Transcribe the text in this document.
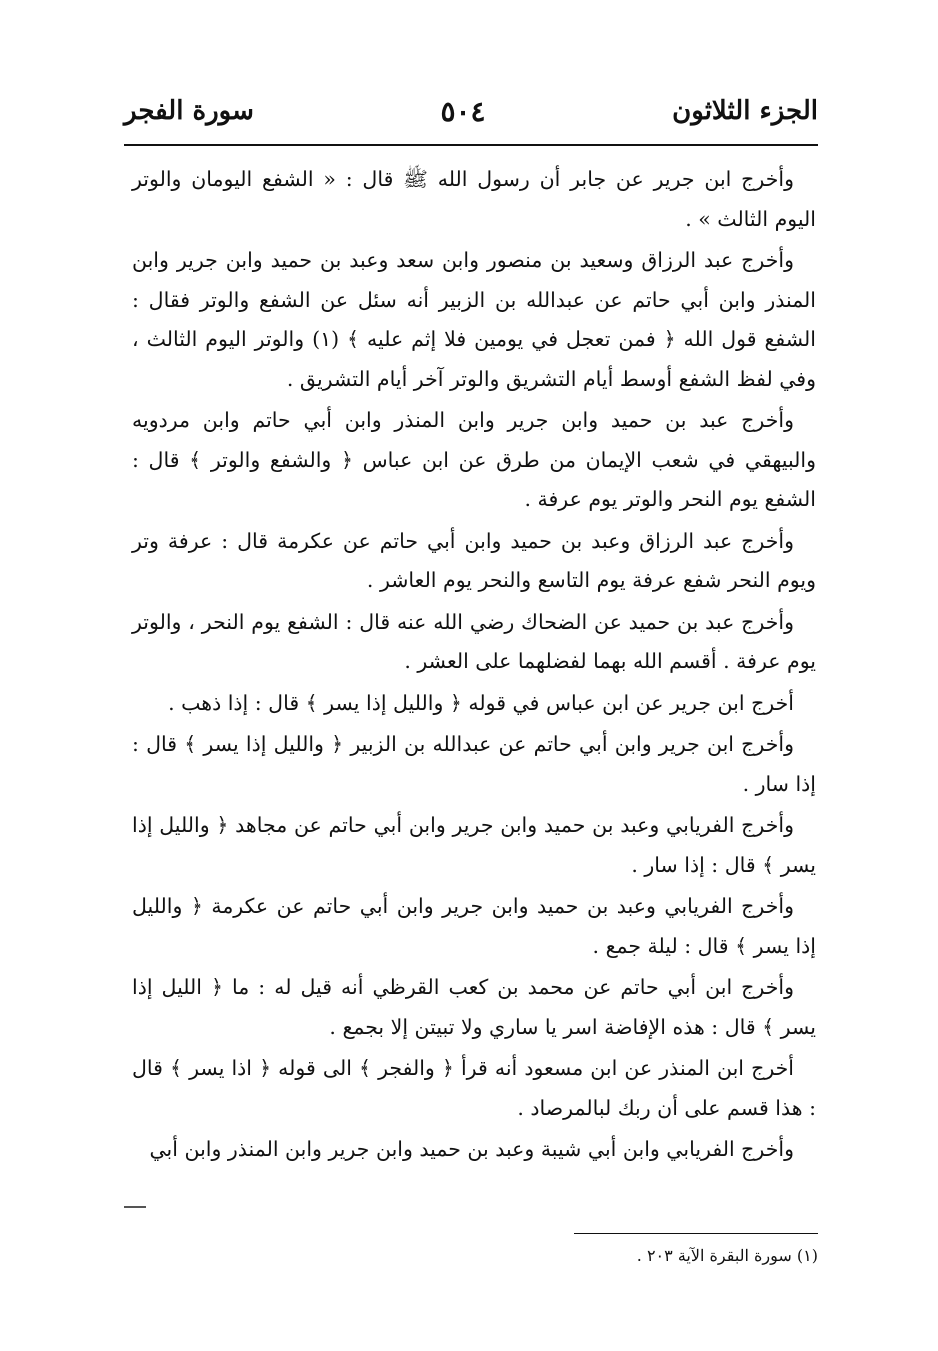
الجزء الثلاثون
٥٠٤
سورة الفجر

وأخرج ابن جرير عن جابر أن رسول الله ﷺ قال : « الشفع اليومان والوتر اليوم الثالث » .

وأخرج عبد الرزاق وسعيد بن منصور وابن سعد وعبد بن حميد وابن جرير وابن المنذر وابن أبي حاتم عن عبدالله بن الزبير أنه سئل عن الشفع والوتر فقال : الشفع قول الله ﴿ فمن تعجل في يومين فلا إثم عليه ﴾ (١) والوتر اليوم الثالث ، وفي لفظ الشفع أوسط أيام التشريق والوتر آخر أيام التشريق .

وأخرج عبد بن حميد وابن جرير وابن المنذر وابن أبي حاتم وابن مردويه والبيهقي في شعب الإيمان من طرق عن ابن عباس ﴿ والشفع والوتر ﴾ قال : الشفع يوم النحر والوتر يوم عرفة .

وأخرج عبد الرزاق وعبد بن حميد وابن أبي حاتم عن عكرمة قال : عرفة وتر ويوم النحر شفع عرفة يوم التاسع والنحر يوم العاشر .

وأخرج عبد بن حميد عن الضحاك رضي الله عنه قال : الشفع يوم النحر ، والوتر يوم عرفة . أقسم الله بهما لفضلهما على العشر .

أخرج ابن جرير عن ابن عباس في قوله ﴿ والليل إذا يسر ﴾ قال : إذا ذهب .

وأخرج ابن جرير وابن أبي حاتم عن عبدالله بن الزبير ﴿ والليل إذا يسر ﴾ قال : إذا سار .

وأخرج الفريابي وعبد بن حميد وابن جرير وابن أبي حاتم عن مجاهد ﴿ والليل إذا يسر ﴾ قال : إذا سار .

وأخرج الفريابي وعبد بن حميد وابن جرير وابن أبي حاتم عن عكرمة ﴿ والليل إذا يسر ﴾ قال : ليلة جمع .

وأخرج ابن أبي حاتم عن محمد بن كعب القرظي أنه قيل له : ما ﴿ الليل إذا يسر ﴾ قال : هذه الإفاضة اسر يا ساري ولا تبيتن إلا بجمع .

أخرج ابن المنذر عن ابن مسعود أنه قرأ ﴿ والفجر ﴾ الى قوله ﴿ اذا يسر ﴾ قال : هذا قسم على أن ربك لبالمرصاد .

وأخرج الفريابي وابن أبي شيبة وعبد بن حميد وابن جرير وابن المنذر وابن أبي

(١) سورة البقرة الآية ٢٠٣ .
